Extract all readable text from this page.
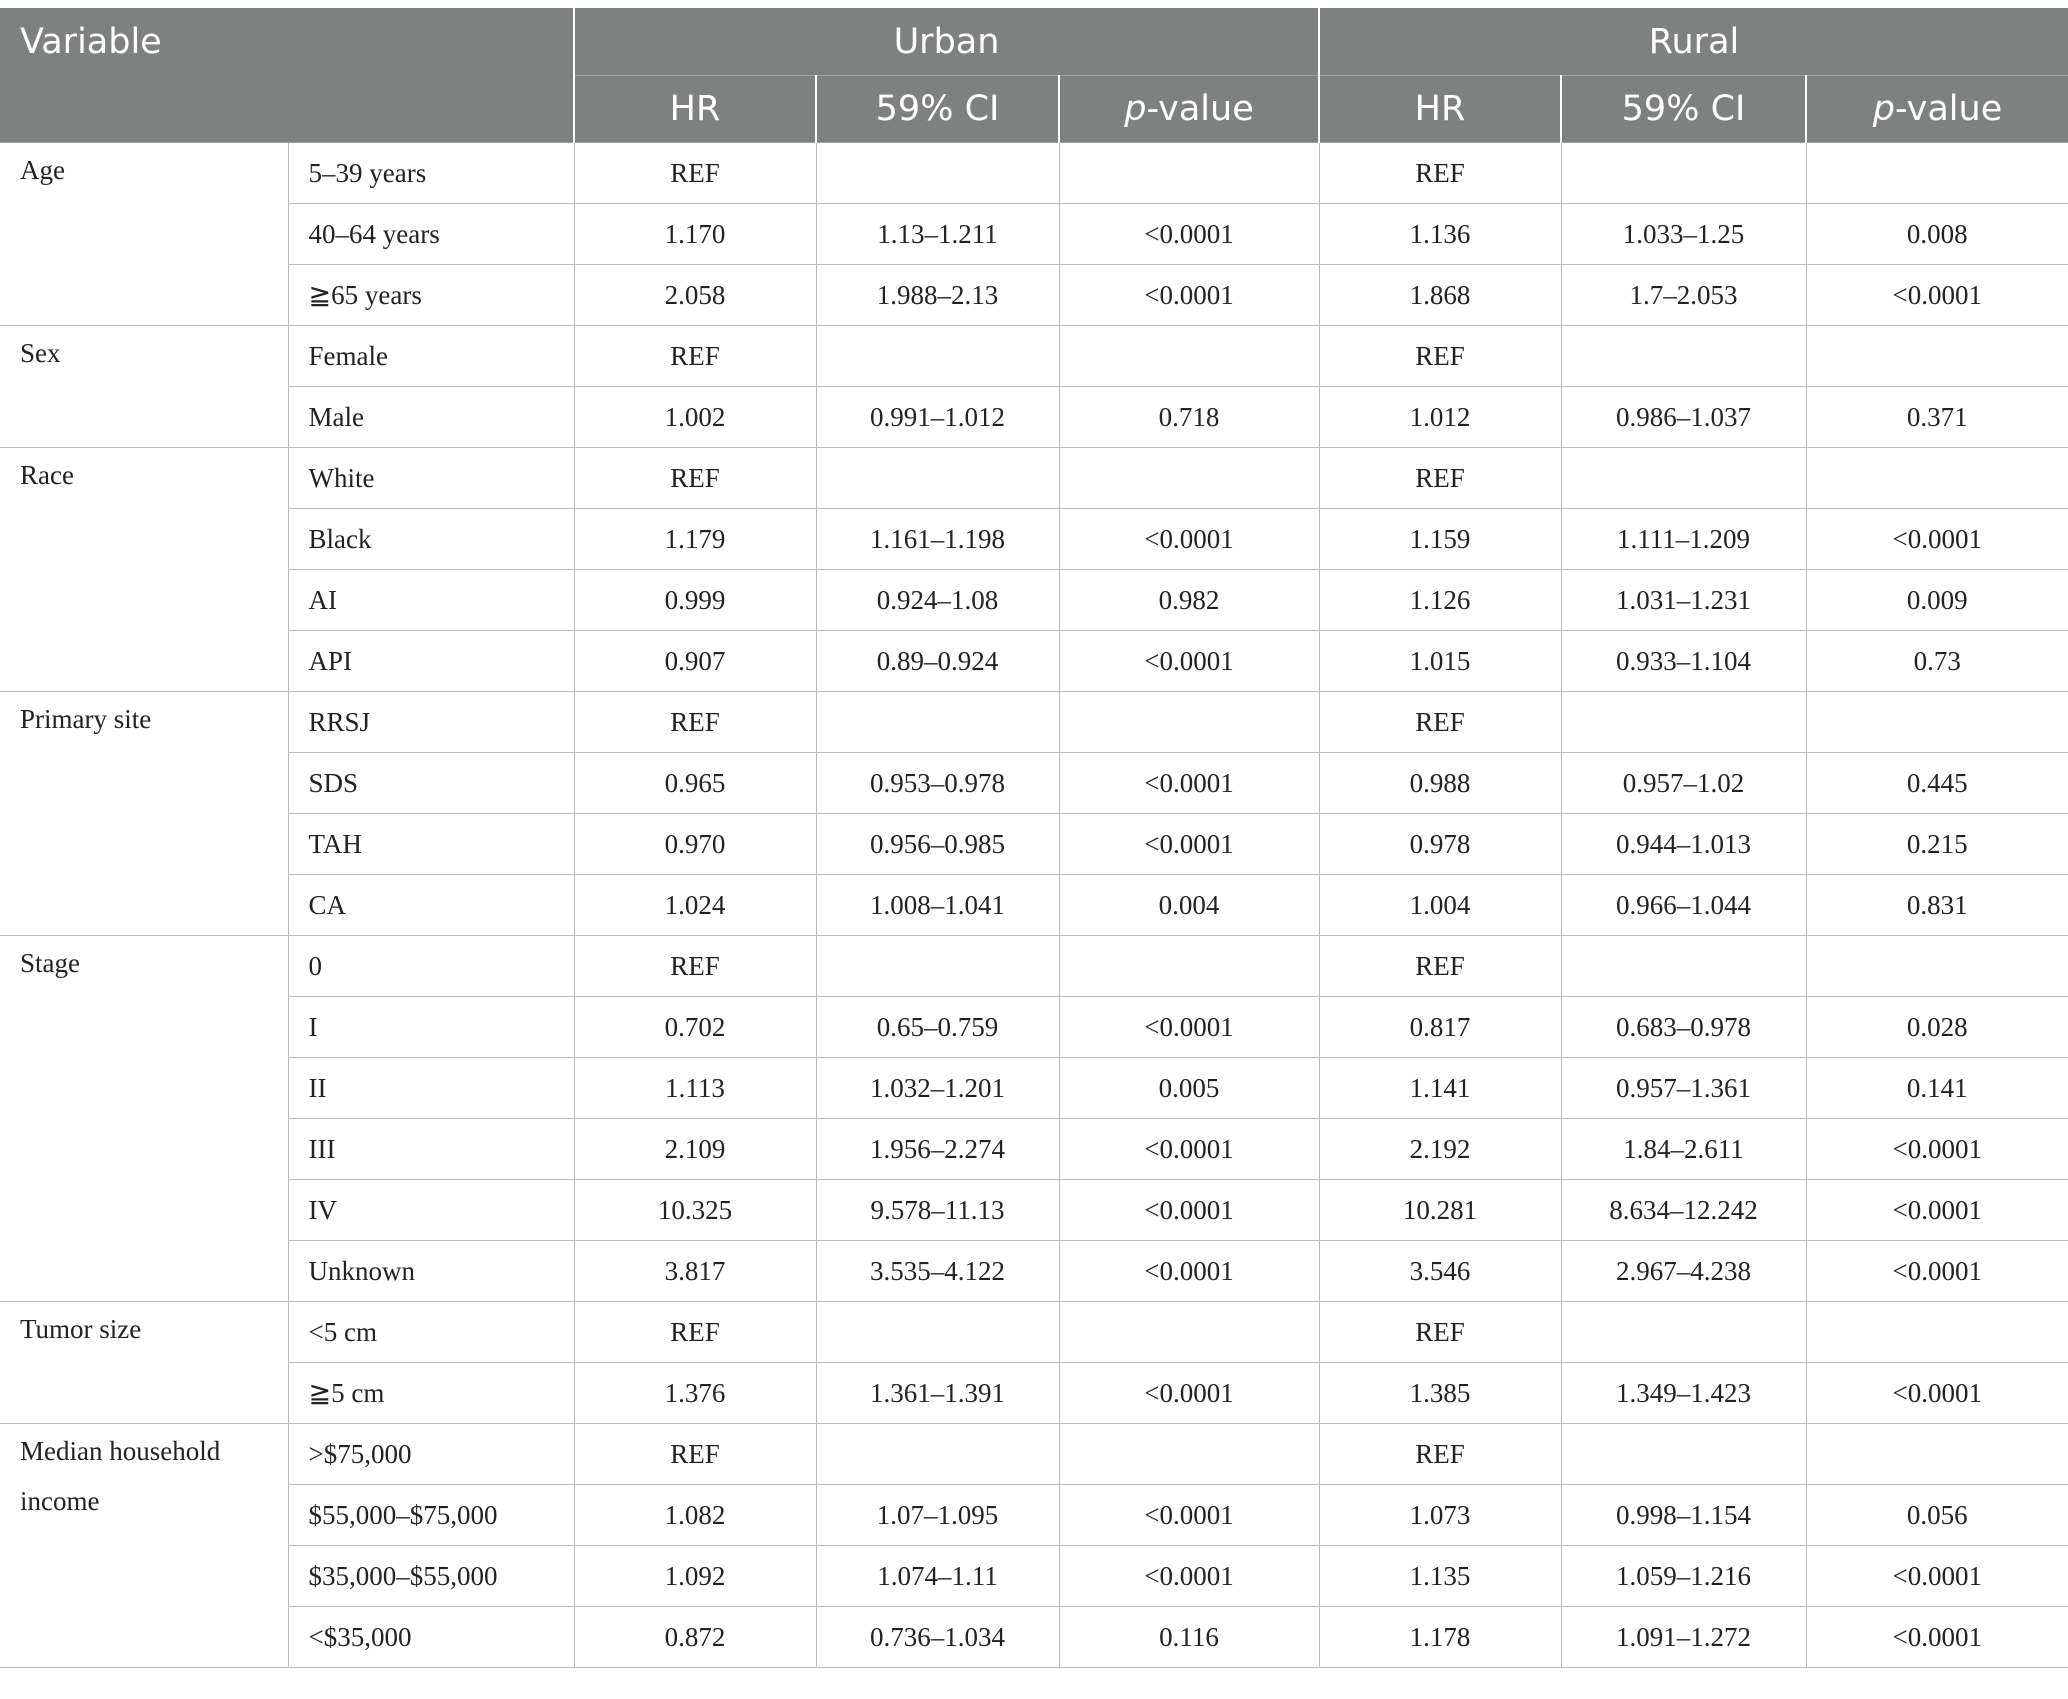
Variable		Urban			Rural		
		HR	59% CI	p-value	HR	59% CI	p-value

Age	5–39 years	REF			REF		
	40–64 years	1.170	1.13–1.211	<0.0001	1.136	1.033–1.25	0.008
	≧65 years	2.058	1.988–2.13	<0.0001	1.868	1.7–2.053	<0.0001

Sex	Female	REF			REF		
	Male	1.002	0.991–1.012	0.718	1.012	0.986–1.037	0.371

Race	White	REF			REF		
	Black	1.179	1.161–1.198	<0.0001	1.159	1.111–1.209	<0.0001
	AI	0.999	0.924–1.08	0.982	1.126	1.031–1.231	0.009
	API	0.907	0.89–0.924	<0.0001	1.015	0.933–1.104	0.73

Primary site	RRSJ	REF			REF		
	SDS	0.965	0.953–0.978	<0.0001	0.988	0.957–1.02	0.445
	TAH	0.970	0.956–0.985	<0.0001	0.978	0.944–1.013	0.215
	CA	1.024	1.008–1.041	0.004	1.004	0.966–1.044	0.831

Stage	0	REF			REF		
	I	0.702	0.65–0.759	<0.0001	0.817	0.683–0.978	0.028
	II	1.113	1.032–1.201	0.005	1.141	0.957–1.361	0.141
	III	2.109	1.956–2.274	<0.0001	2.192	1.84–2.611	<0.0001
	IV	10.325	9.578–11.13	<0.0001	10.281	8.634–12.242	<0.0001
	Unknown	3.817	3.535–4.122	<0.0001	3.546	2.967–4.238	<0.0001

Tumor size	<5 cm	REF			REF		
	≧5 cm	1.376	1.361–1.391	<0.0001	1.385	1.349–1.423	<0.0001

Median household income	>$75,000	REF			REF		
	$55,000–$75,000	1.082	1.07–1.095	<0.0001	1.073	0.998–1.154	0.056
	$35,000–$55,000	1.092	1.074–1.11	<0.0001	1.135	1.059–1.216	<0.0001
	<$35,000	0.872	0.736–1.034	0.116	1.178	1.091–1.272	<0.0001
